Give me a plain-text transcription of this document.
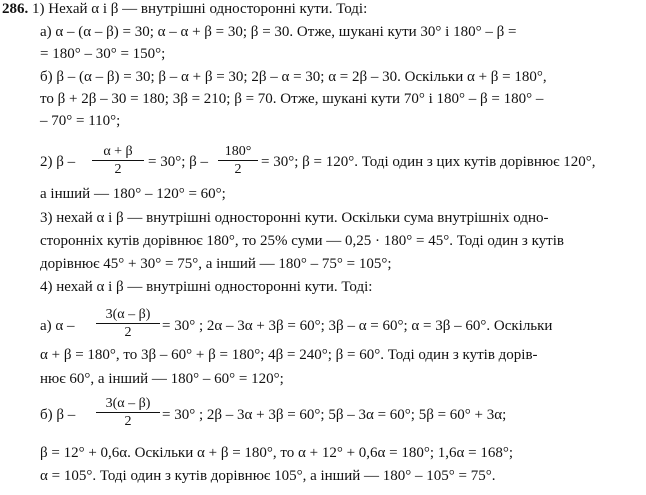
286. 1) Нехай α і β — внутрішні односторонні кути. Тоді:
а) α – (α – β) = 30; α – α + β = 30; β = 30. Отже, шукані кути 30° і 180° – β =
= 180° – 30° = 150°;
б) β – (α – β) = 30; β – α + β = 30; 2β – α = 30; α = 2β – 30. Оскільки α + β = 180°,
то β + 2β – 30 = 180; 3β = 210; β = 70. Отже, шукані кути 70° і 180° – β = 180° –
– 70° = 110°;
2) β –
α + β
2	= 30°; β –
180°
2	= 30°; β = 120°. Тоді один з цих кутів дорівнює 120°,
а інший — 180° – 120° = 60°;
3) нехай α і β — внутрішні односторонні кути. Оскільки сума внутрішніх одно-
сторонніх кутів дорівнює 180°, то 25% суми — 0,25 · 180° = 45°. Тоді один з кутів
дорівнює 45° + 30° = 75°, а інший — 180° – 75° = 105°;
4) нехай α і β — внутрішні односторонні кути. Тоді:
а) α –
3(α – β)
2	= 30° ; 2α – 3α + 3β = 60°; 3β – α = 60°; α = 3β – 60°. Оскільки
α + β = 180°, то 3β – 60° + β = 180°; 4β = 240°; β = 60°. Тоді один з кутів дорів-
нює 60°, а інший — 180° – 60° = 120°;
б) β –
3(α – β)
2	= 30° ; 2β – 3α + 3β = 60°; 5β – 3α = 60°; 5β = 60° + 3α;
β = 12° + 0,6α. Оскільки α + β = 180°, то α + 12° + 0,6α = 180°; 1,6α = 168°;
α = 105°. Тоді один з кутів дорівнює 105°, а інший — 180° – 105° = 75°.
